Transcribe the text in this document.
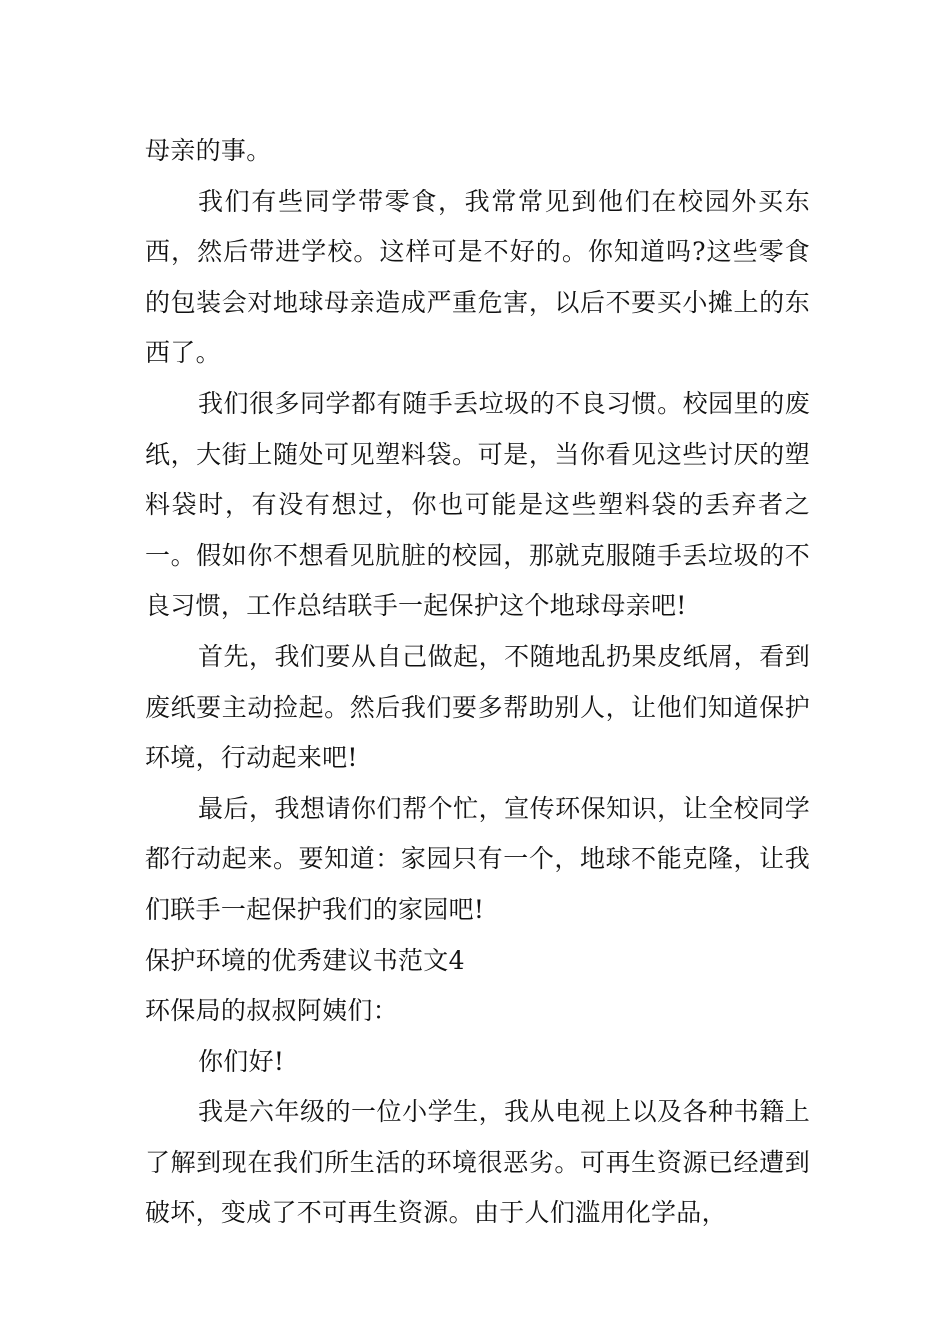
母亲的事。

我们有些同学带零食，我常常见到他们在校园外买东西，然后带进学校。这样可是不好的。你知道吗?这些零食的包装会对地球母亲造成严重危害，以后不要买小摊上的东西了。

我们很多同学都有随手丢垃圾的不良习惯。校园里的废纸，大街上随处可见塑料袋。可是，当你看见这些讨厌的塑料袋时，有没有想过，你也可能是这些塑料袋的丢弃者之一。假如你不想看见肮脏的校园，那就克服随手丢垃圾的不良习惯，工作总结联手一起保护这个地球母亲吧!

首先，我们要从自己做起，不随地乱扔果皮纸屑，看到废纸要主动捡起。然后我们要多帮助别人，让他们知道保护环境，行动起来吧!

最后，我想请你们帮个忙，宣传环保知识，让全校同学都行动起来。要知道：家园只有一个，地球不能克隆，让我们联手一起保护我们的家园吧!

保护环境的优秀建议书范文4

环保局的叔叔阿姨们：

你们好!

我是六年级的一位小学生，我从电视上以及各种书籍上了解到现在我们所生活的环境很恶劣。可再生资源已经遭到破坏，变成了不可再生资源。由于人们滥用化学品，
